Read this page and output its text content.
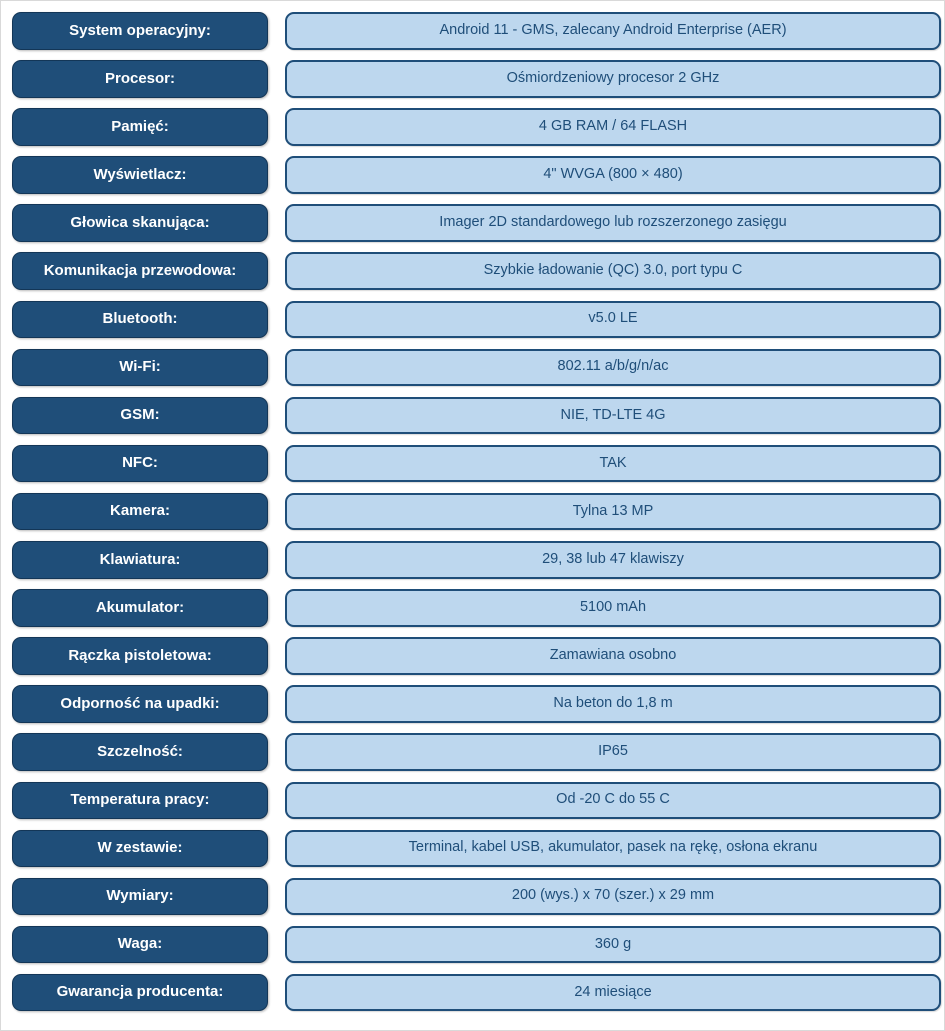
System operacyjny:	Android 11 - GMS, zalecany Android Enterprise (AER)
Procesor:	Ośmiordzeniowy procesor 2 GHz
Pamięć:	4 GB RAM / 64 FLASH
Wyświetlacz:	4" WVGA (800 × 480)
Głowica skanująca:	Imager 2D standardowego lub rozszerzonego zasięgu
Komunikacja przewodowa:	Szybkie ładowanie (QC) 3.0, port typu C
Bluetooth:	v5.0 LE
Wi-Fi:	802.11 a/b/g/n/ac
GSM:	NIE, TD-LTE 4G
NFC:	TAK
Kamera:	Tylna 13 MP
Klawiatura:	29, 38 lub 47 klawiszy
Akumulator:	5100 mAh
Rączka pistoletowa:	Zamawiana osobno
Odporność na upadki:	Na beton do 1,8 m
Szczelność:	IP65
Temperatura pracy:	Od -20 C do 55 C
W zestawie:	Terminal, kabel USB, akumulator, pasek na rękę, osłona ekranu
Wymiary:	200 (wys.) x 70 (szer.) x 29 mm
Waga:	360 g
Gwarancja producenta:	24 miesiące
